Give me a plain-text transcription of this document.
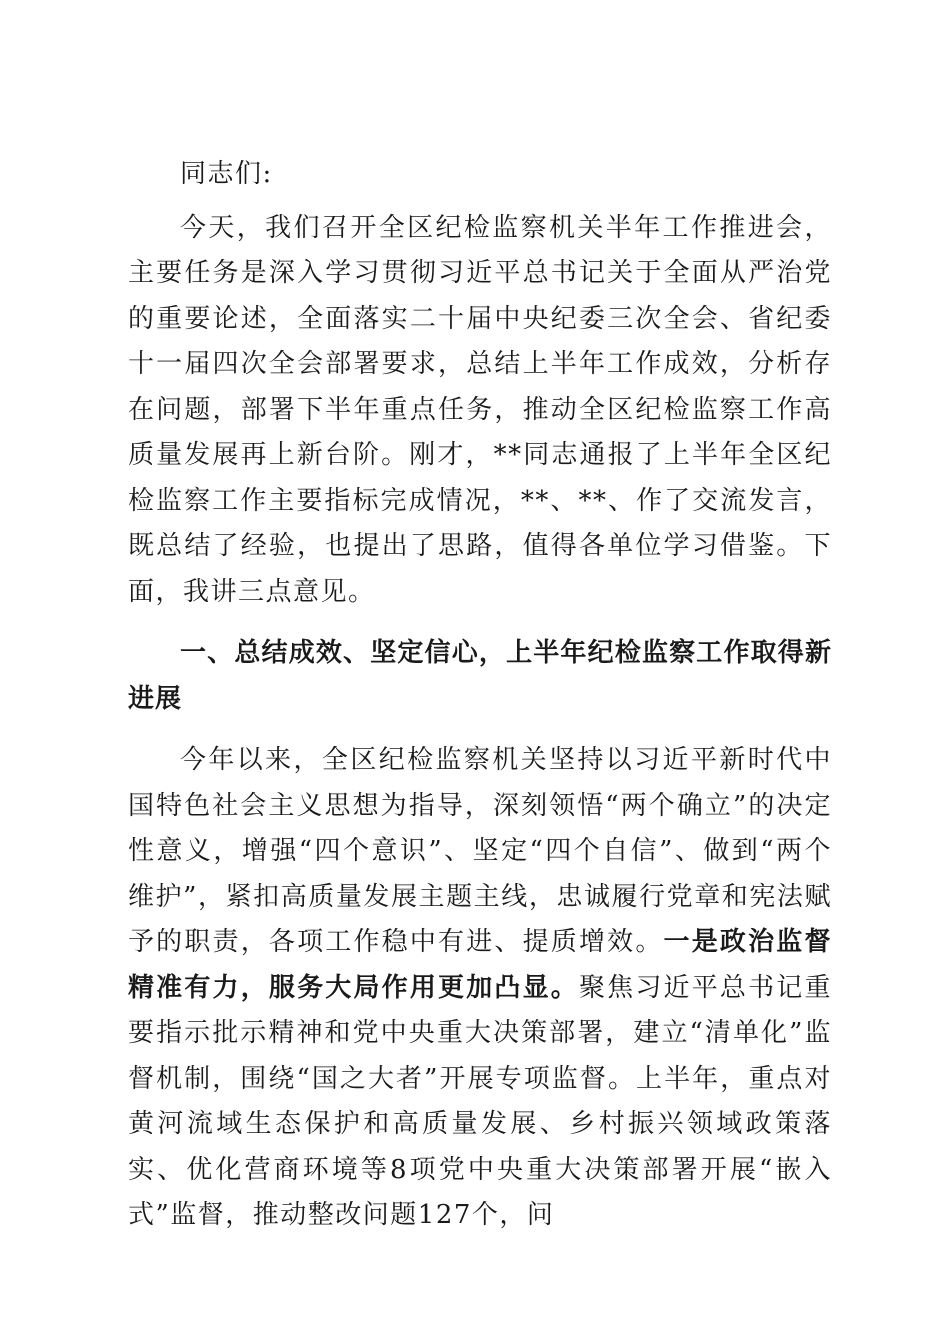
同志们:

今天，我们召开全区纪检监察机关半年工作推进会，主要任务是深入学习贯彻习近平总书记关于全面从严治党的重要论述，全面落实二十届中央纪委三次全会、省纪委十一届四次全会部署要求，总结上半年工作成效，分析存在问题，部署下半年重点任务，推动全区纪检监察工作高质量发展再上新台阶。刚才，**同志通报了上半年全区纪检监察工作主要指标完成情况，**、**、作了交流发言，既总结了经验，也提出了思路，值得各单位学习借鉴。下面，我讲三点意见。

一、总结成效、坚定信心，上半年纪检监察工作取得新进展

今年以来，全区纪检监察机关坚持以习近平新时代中国特色社会主义思想为指导，深刻领悟“两个确立”的决定性意义，增强“四个意识”、坚定“四个自信”、做到“两个维护”，紧扣高质量发展主题主线，忠诚履行党章和宪法赋予的职责，各项工作稳中有进、提质增效。一是政治监督精准有力，服务大局作用更加凸显。聚焦习近平总书记重要指示批示精神和党中央重大决策部署，建立“清单化”监督机制，围绕“国之大者”开展专项监督。上半年，重点对黄河流域生态保护和高质量发展、乡村振兴领域政策落实、优化营商环境等8项党中央重大决策部署开展“嵌入式”监督，推动整改问题127个，问
